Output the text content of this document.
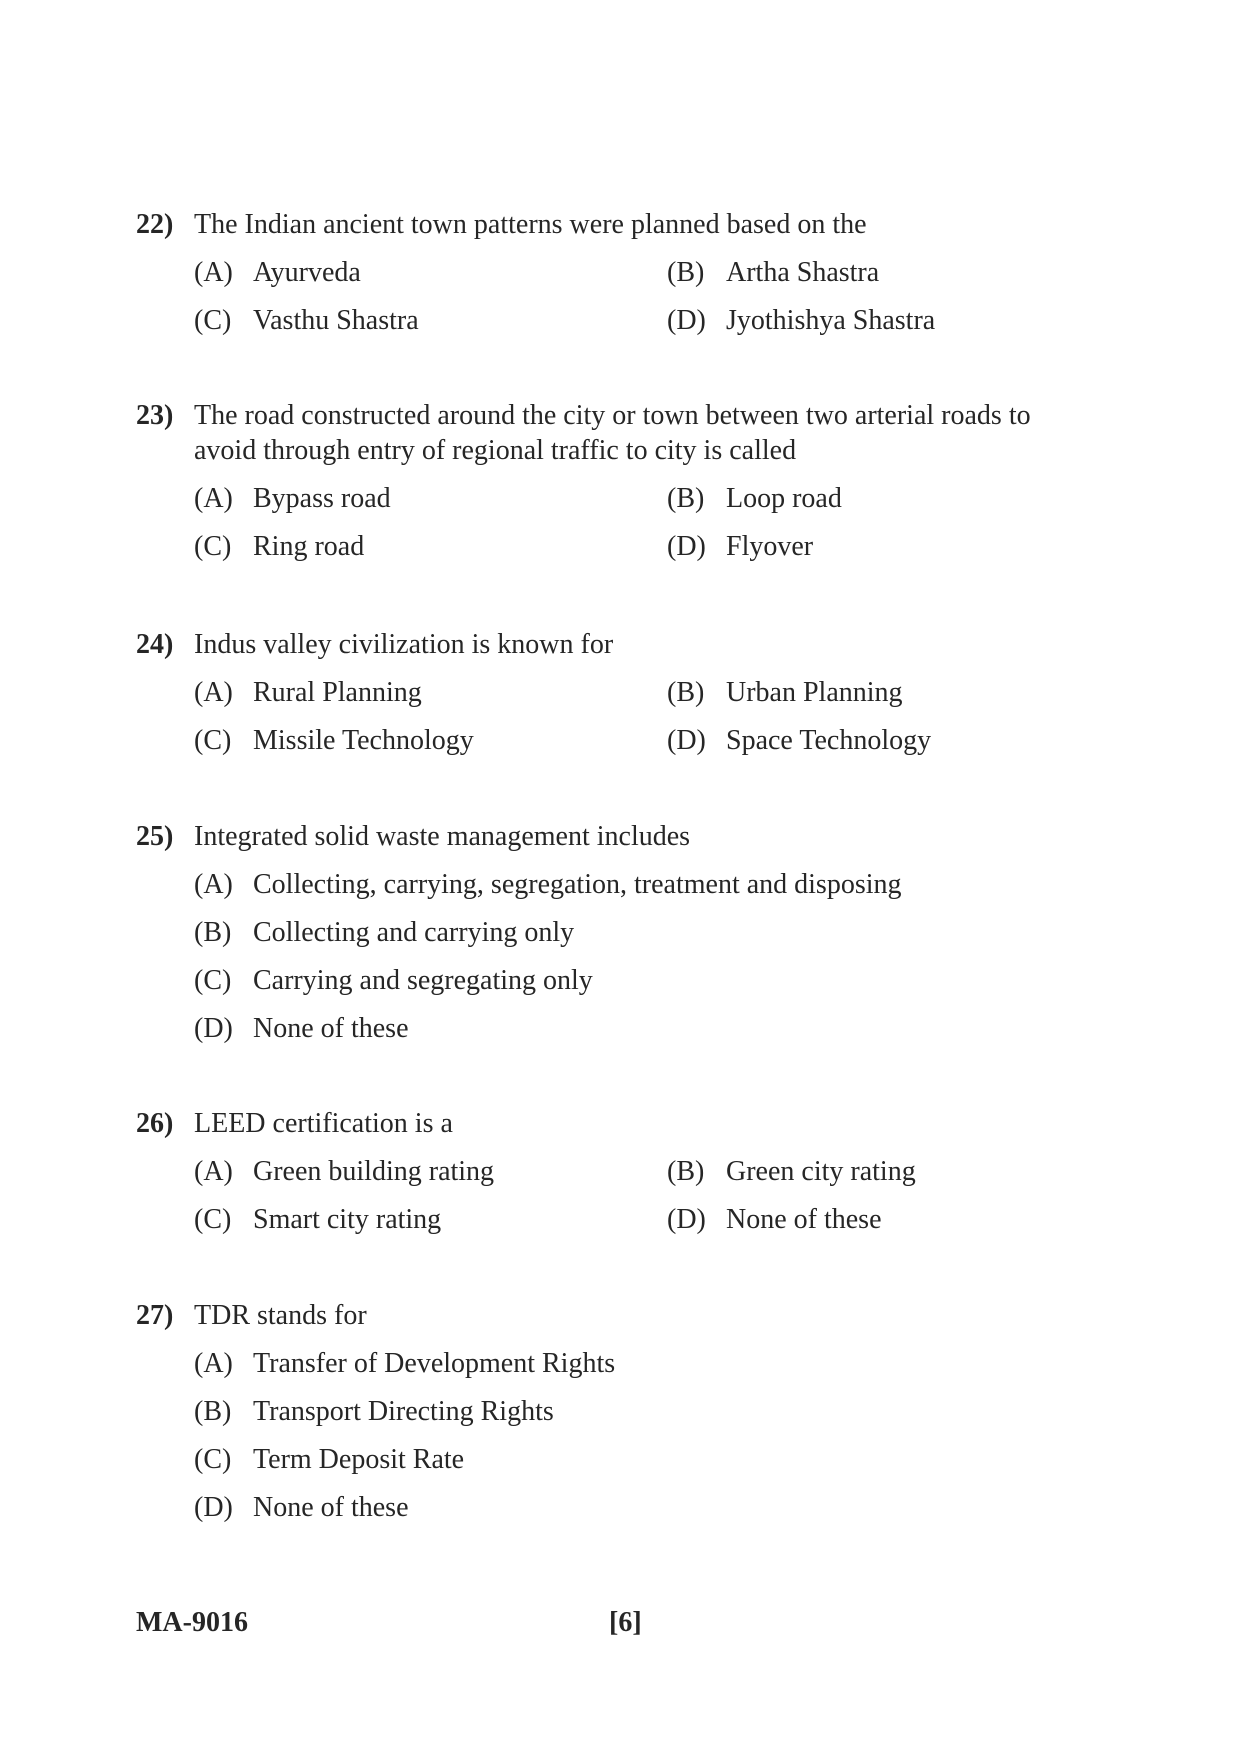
22) The Indian ancient town patterns were planned based on the
(A) Ayurveda	(B) Artha Shastra
(C) Vasthu Shastra	(D) Jyothishya Shastra
23) The road constructed around the city or town between two arterial roads to avoid through entry of regional traffic to city is called
(A) Bypass road	(B) Loop road
(C) Ring road	(D) Flyover
24) Indus valley civilization is known for
(A) Rural Planning	(B) Urban Planning
(C) Missile Technology	(D) Space Technology
25) Integrated solid waste management includes
(A) Collecting, carrying, segregation, treatment and disposing
(B) Collecting and carrying only
(C) Carrying and segregating only
(D) None of these
26) LEED certification is a
(A) Green building rating	(B) Green city rating
(C) Smart city rating	(D) None of these
27) TDR stands for
(A) Transfer of Development Rights
(B) Transport Directing Rights
(C) Term Deposit Rate
(D) None of these
MA-9016	[6]
